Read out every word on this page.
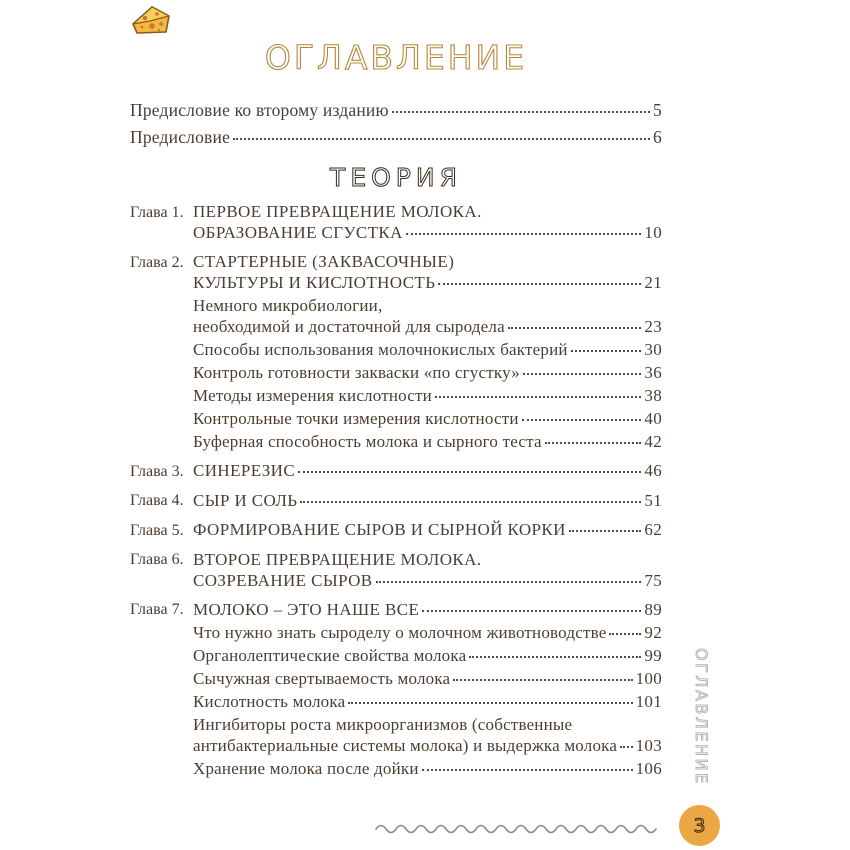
ОГЛАВЛЕНИЕ
Предисловие ко второму изданию	5
Предисловие	6
ТЕОРИЯ
Глава 1. ПЕРВОЕ ПРЕВРАЩЕНИЕ МОЛОКА.
ОБРАЗОВАНИЕ СГУСТКА	10
Глава 2. СТАРТЕРНЫЕ (ЗАКВАСОЧНЫЕ)
КУЛЬТУРЫ И КИСЛОТНОСТЬ	21
Немного микробиологии,
необходимой и достаточной для сыродела	23
Способы использования молочнокислых бактерий	30
Контроль готовности закваски «по сгустку»	36
Методы измерения кислотности	38
Контрольные точки измерения кислотности	40
Буферная способность молока и сырного теста	42
Глава 3. СИНЕРЕЗИС	46
Глава 4. СЫР И СОЛЬ	51
Глава 5. ФОРМИРОВАНИЕ СЫРОВ И СЫРНОЙ КОРКИ	62
Глава 6. ВТОРОЕ ПРЕВРАЩЕНИЕ МОЛОКА.
СОЗРЕВАНИЕ СЫРОВ	75
Глава 7. МОЛОКО – ЭТО НАШЕ ВСЕ	89
Что нужно знать сыроделу о молочном животноводстве 92
Органолептические свойства молока	99
Сычужная свертываемость молока	100
Кислотность молока	101
Ингибиторы роста микроорганизмов (собственные
антибактериальные системы молока) и выдержка молока 103
Хранение молока после дойки	106 ОГЛАВЛЕНИЕ
3
